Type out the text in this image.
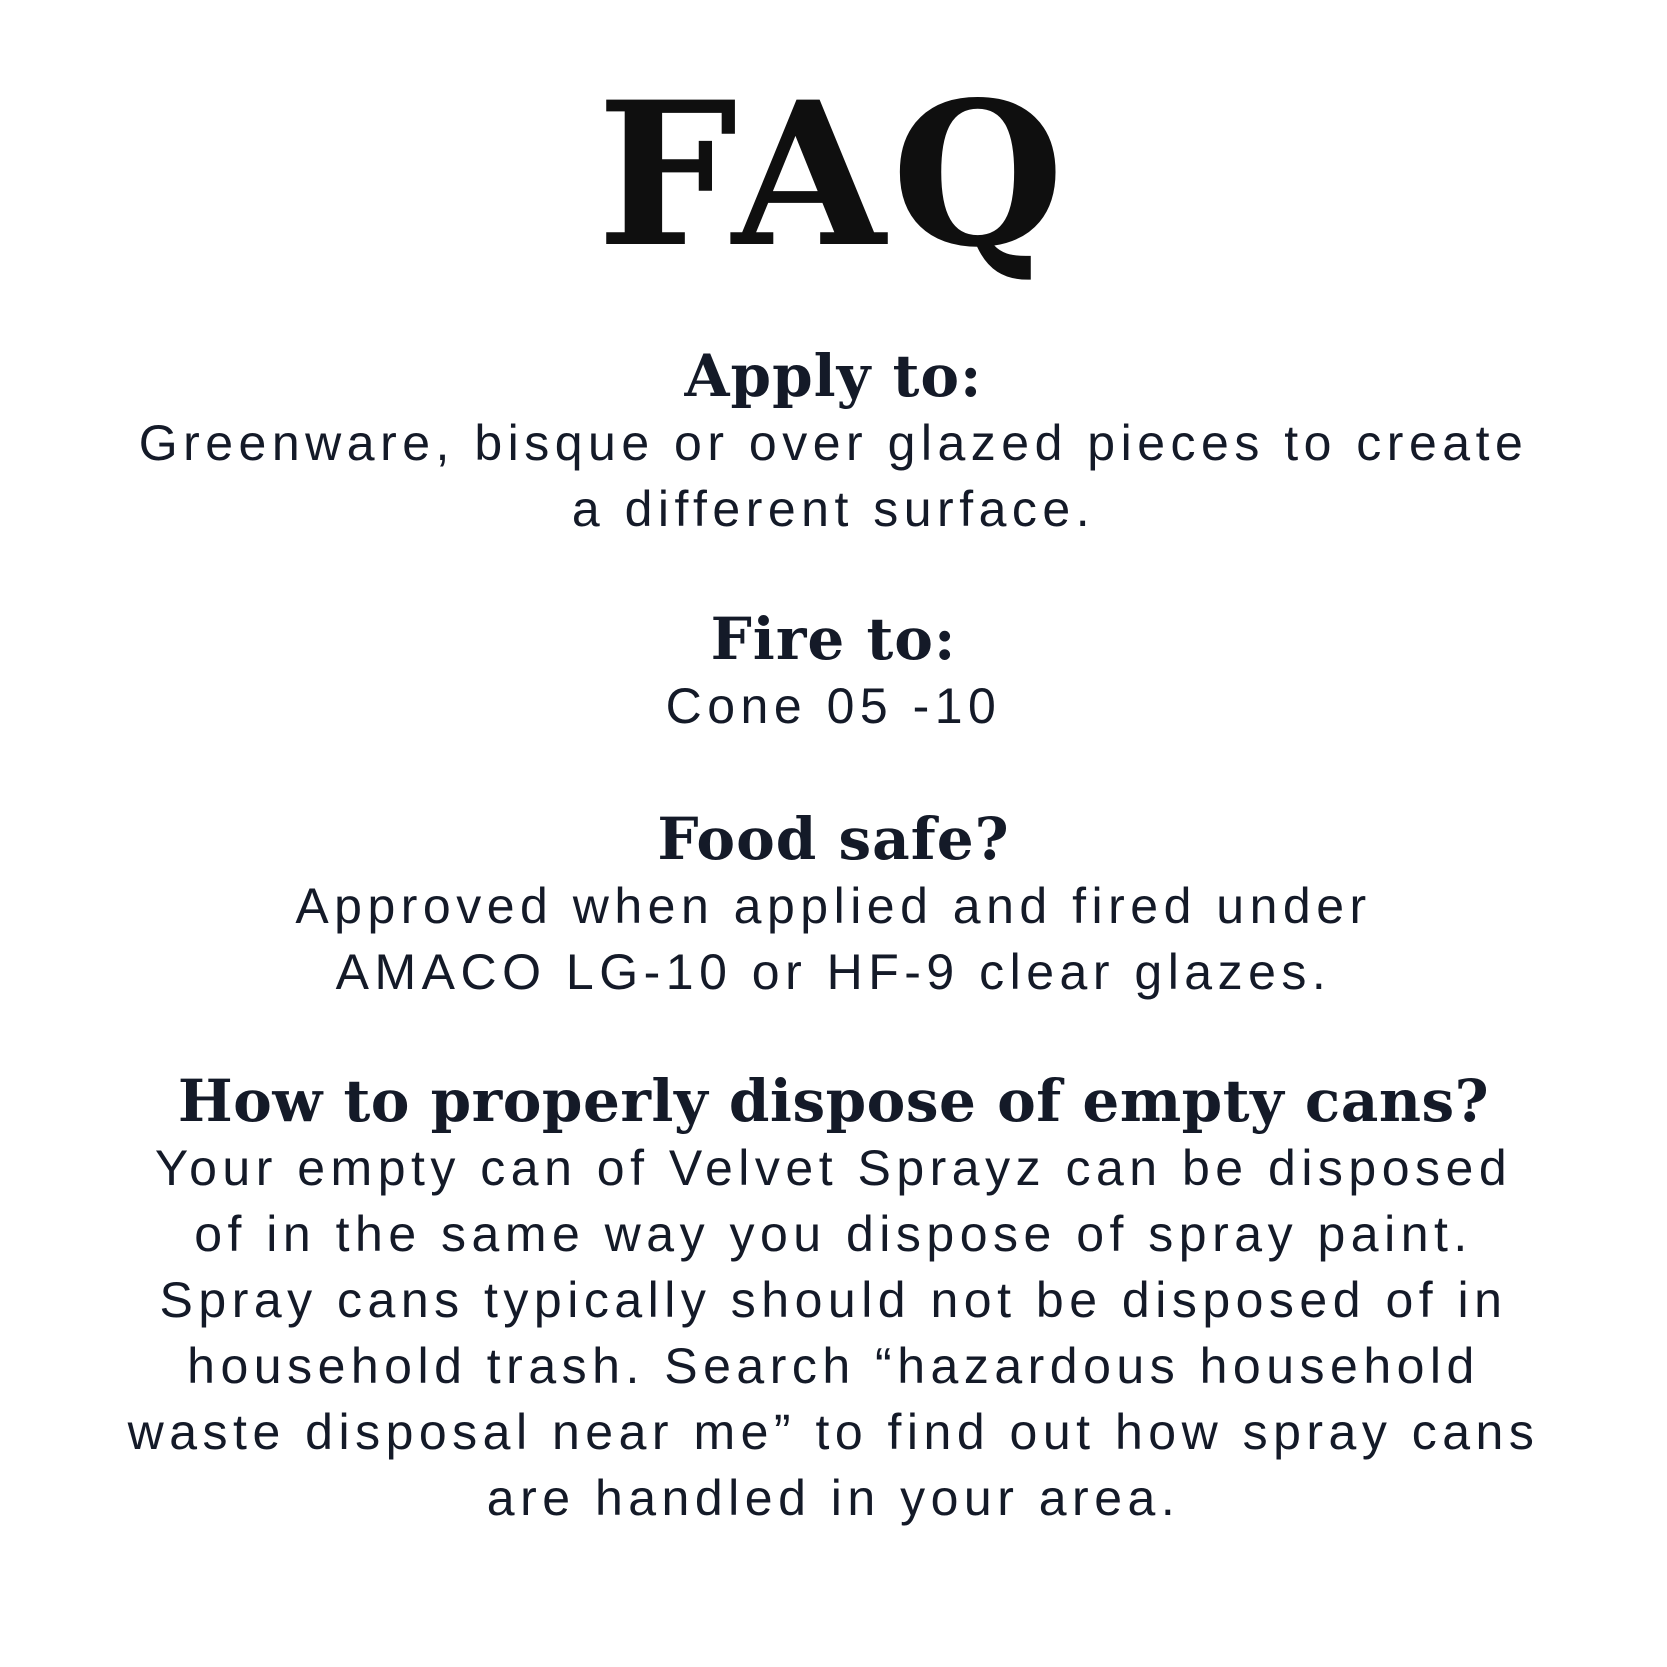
FAQ
Apply to:

Greenware, bisque or over glazed pieces to create a different surface.

Fire to:

Cone 05 -10

Food safe?

Approved when applied and fired under AMACO LG-10 or HF-9 clear glazes.

How to properly dispose of empty cans?

Your empty can of Velvet Sprayz can be disposed of in the same way you dispose of spray paint. Spray cans typically should not be disposed of in household trash. Search “hazardous household waste disposal near me” to find out how spray cans are handled in your area.
